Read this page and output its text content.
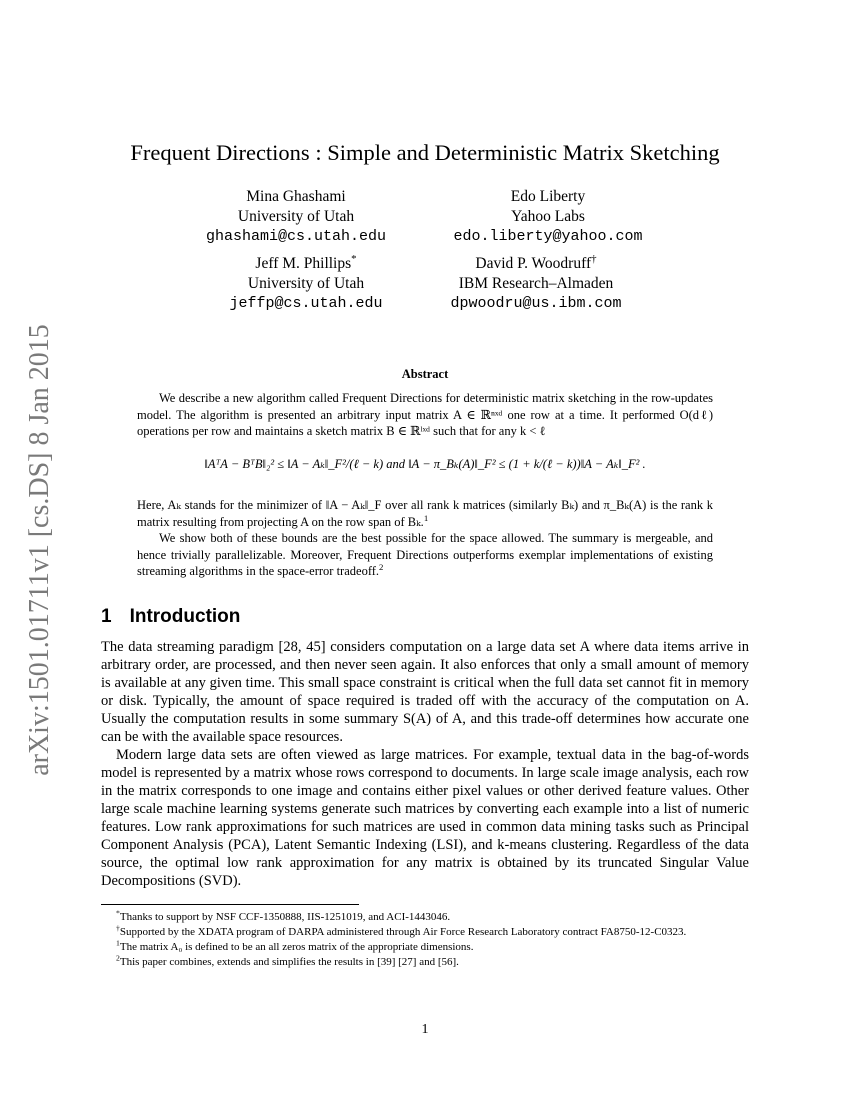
arXiv:1501.01711v1 [cs.DS] 8 Jan 2015
Frequent Directions : Simple and Deterministic Matrix Sketching
Mina Ghashami
University of Utah
ghashami@cs.utah.edu
Edo Liberty
Yahoo Labs
edo.liberty@yahoo.com
Jeff M. Phillips*
University of Utah
jeffp@cs.utah.edu
David P. Woodruff†
IBM Research–Almaden
dpwoodru@us.ibm.com
Abstract

We describe a new algorithm called Frequent Directions for deterministic matrix sketching in the row-updates model. The algorithm is presented an arbitrary input matrix A ∈ ℝⁿˣᵈ one row at a time. It performed O(dℓ) operations per row and maintains a sketch matrix B ∈ ℝˡˣᵈ such that for any k < ℓ

‖AᵀA − BᵀB‖₂² ≤ ‖A − Aₖ‖_F²/(ℓ − k) and ‖A − π_Bₖ(A)‖_F² ≤ (1 + k/(ℓ − k))‖A − Aₖ‖_F² .

Here, Aₖ stands for the minimizer of ‖A − Aₖ‖_F over all rank k matrices (similarly Bₖ) and π_Bₖ(A) is the rank k matrix resulting from projecting A on the row span of Bₖ.$^1$

We show both of these bounds are the best possible for the space allowed. The summary is mergeable, and hence trivially parallelizable. Moreover, Frequent Directions outperforms exemplar implementations of existing streaming algorithms in the space-error tradeoff.$^2$

1 Introduction

The data streaming paradigm [28, 45] considers computation on a large data set A where data items arrive in arbitrary order, are processed, and then never seen again. It also enforces that only a small amount of memory is available at any given time. This small space constraint is critical when the full data set cannot fit in memory or disk. Typically, the amount of space required is traded off with the accuracy of the computation on A. Usually the computation results in some summary S(A) of A, and this trade-off determines how accurate one can be with the available space resources.

Modern large data sets are often viewed as large matrices. For example, textual data in the bag-of-words model is represented by a matrix whose rows correspond to documents. In large scale image analysis, each row in the matrix corresponds to one image and contains either pixel values or other derived feature values. Other large scale machine learning systems generate such matrices by converting each example into a list of numeric features. Low rank approximations for such matrices are used in common data mining tasks such as Principal Component Analysis (PCA), Latent Semantic Indexing (LSI), and k-means clustering. Regardless of the data source, the optimal low rank approximation for any matrix is obtained by its truncated Singular Value Decompositions (SVD).

*Thanks to support by NSF CCF-1350888, IIS-1251019, and ACI-1443046.

†Supported by the XDATA program of DARPA administered through Air Force Research Laboratory contract FA8750-12-C0323.

$^1$The matrix A₀ is defined to be an all zeros matrix of the appropriate dimensions.

$^2$This paper combines, extends and simplifies the results in [39] [27] and [56].

1
